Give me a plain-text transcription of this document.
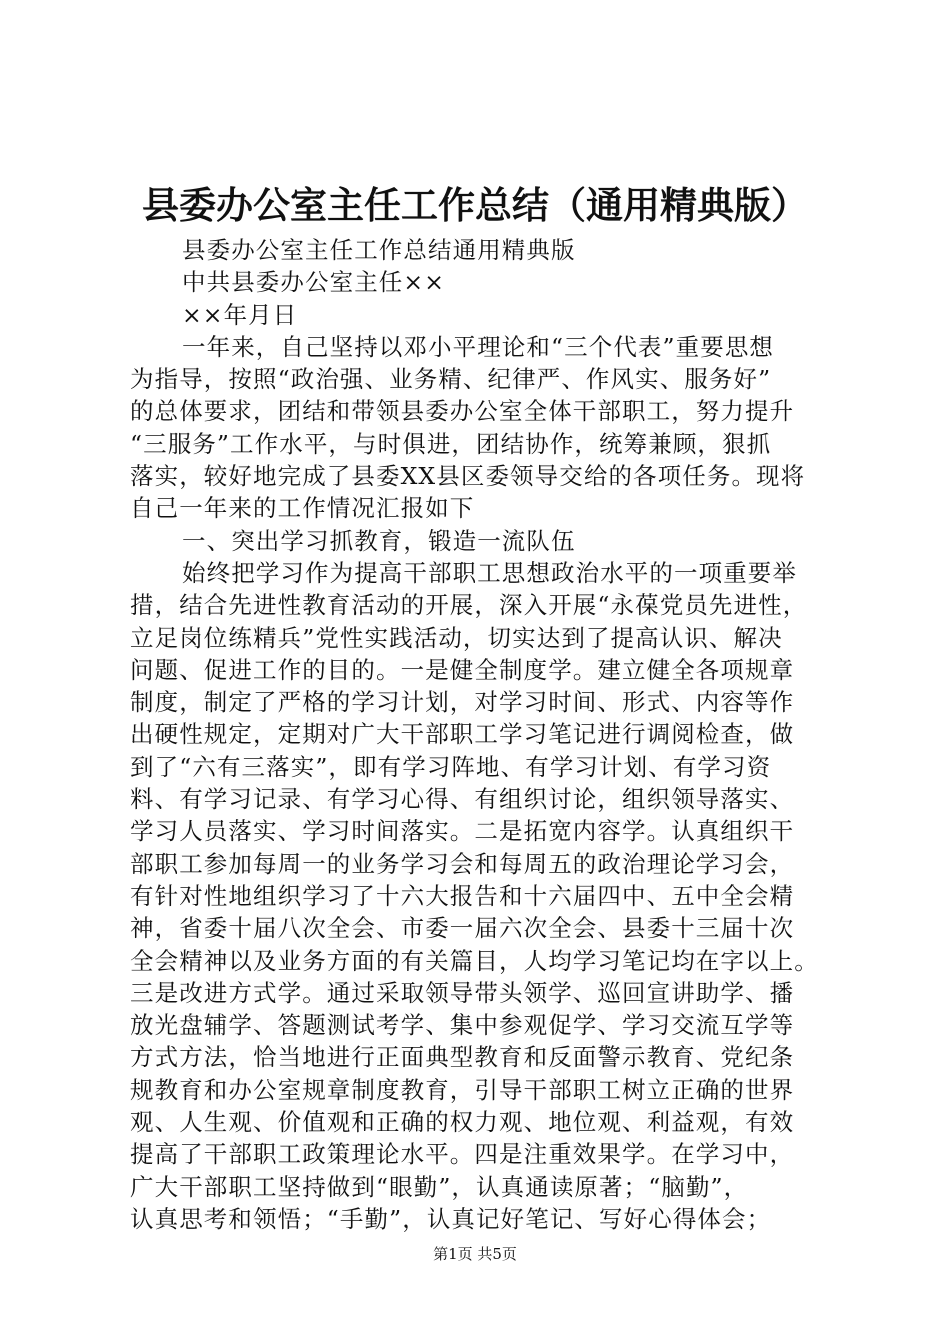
县委办公室主任工作总结（通用精典版）
县委办公室主任工作总结通用精典版
中共县委办公室主任××
××年月日
一年来，自己坚持以邓小平理论和“三个代表”重要思想
为指导，按照“政治强、业务精、纪律严、作风实、服务好”
的总体要求，团结和带领县委办公室全体干部职工，努力提升
“三服务”工作水平，与时俱进，团结协作，统筹兼顾，狠抓
落实，较好地完成了县委XX县区委领导交给的各项任务。现将
自己一年来的工作情况汇报如下
一、突出学习抓教育，锻造一流队伍
始终把学习作为提高干部职工思想政治水平的一项重要举
措，结合先进性教育活动的开展，深入开展“永葆党员先进性，
立足岗位练精兵”党性实践活动，切实达到了提高认识、解决
问题、促进工作的目的。一是健全制度学。建立健全各项规章
制度，制定了严格的学习计划，对学习时间、形式、内容等作
出硬性规定，定期对广大干部职工学习笔记进行调阅检查，做
到了“六有三落实”，即有学习阵地、有学习计划、有学习资
料、有学习记录、有学习心得、有组织讨论，组织领导落实、
学习人员落实、学习时间落实。二是拓宽内容学。认真组织干
部职工参加每周一的业务学习会和每周五的政治理论学习会，
有针对性地组织学习了十六大报告和十六届四中、五中全会精
神，省委十届八次全会、市委一届六次全会、县委十三届十次
全会精神以及业务方面的有关篇目，人均学习笔记均在字以上。
三是改进方式学。通过采取领导带头领学、巡回宣讲助学、播
放光盘辅学、答题测试考学、集中参观促学、学习交流互学等
方式方法，恰当地进行正面典型教育和反面警示教育、党纪条
规教育和办公室规章制度教育，引导干部职工树立正确的世界
观、人生观、价值观和正确的权力观、地位观、利益观，有效
提高了干部职工政策理论水平。四是注重效果学。在学习中，
广大干部职工坚持做到“眼勤”，认真通读原著；“脑勤”，
认真思考和领悟；“手勤”，认真记好笔记、写好心得体会；
第1页 共5页
